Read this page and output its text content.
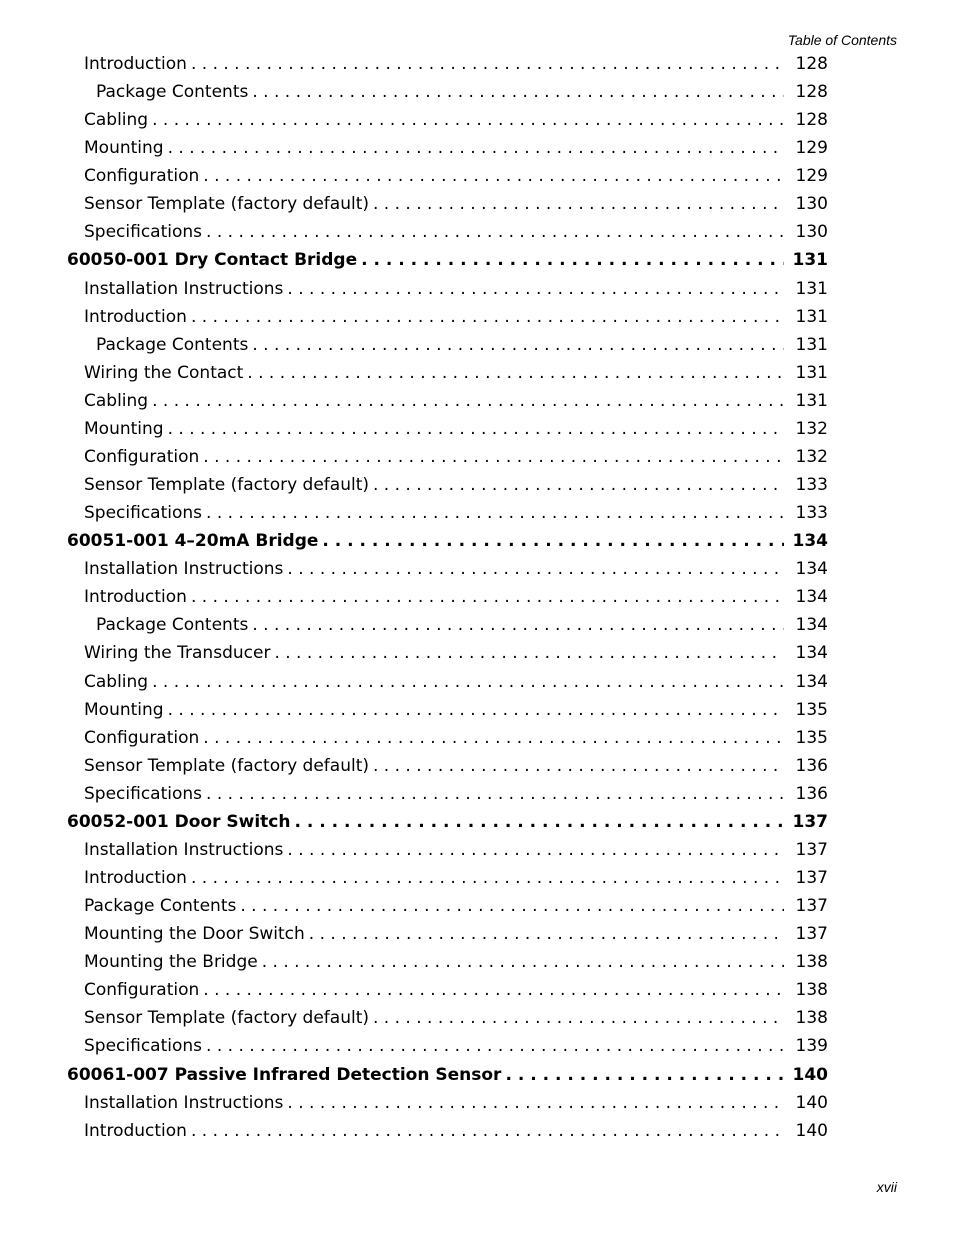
Table of Contents
Introduction . . .	128
Package Contents . . .	128
Cabling . . .	128
Mounting . . .	129
Configuration . . .	129
Sensor Template (factory default) . . .	130
Specifications . . .	130
60050-001 Dry Contact Bridge . . .	131
Installation Instructions . . .	131
Introduction . . .	131
Package Contents . . .	131
Wiring the Contact . . .	131
Cabling . . .	131
Mounting . . .	132
Configuration . . .	132
Sensor Template (factory default) . . .	133
Specifications . . .	133
60051-001 4–20mA Bridge . . .	134
Installation Instructions . . .	134
Introduction . . .	134
Package Contents . . .	134
Wiring the Transducer . . .	134
Cabling . . .	134
Mounting . . .	135
Configuration . . .	135
Sensor Template (factory default) . . .	136
Specifications . . .	136
60052-001 Door Switch . . .	137
Installation Instructions . . .	137
Introduction . . .	137
Package Contents . . .	137
Mounting the Door Switch . . .	137
Mounting the Bridge . . .	138
Configuration . . .	138
Sensor Template (factory default) . . .	138
Specifications . . .	139
60061-007 Passive Infrared Detection Sensor . . .	140
Installation Instructions . . .	140
Introduction . . .	140
xvii
